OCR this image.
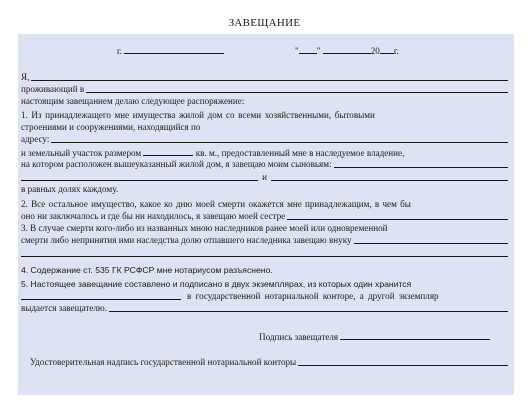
ЗАВЕЩАНИЕ
г.	" "	20 г.
Я,
проживающий в
настоящим завещанием делаю следующее распоряжение:
1. Из принадлежащего мне имущества жилой дом со всеми хозяйственными, бытовыми
строениями и сооружениями, находящийся по
адресу:
и земельный участок размером	кв. м., предоставленный мне в наследуемое владение,
на котором расположен вышеуказанный жилой дом, я завещаю моим сыновьям:
и
в равных долях каждому.
2. Все остальное имущество, какое ко дню моей смерти окажется мне принадлежащим, в чем бы
оно ни заключалось и где бы ни находилось, я завещаю моей сестре
3. В случае смерти кого-либо из названных мною наследников ранее моей или одновременной
смерти либо непринятия ими наследства долю отпавшего наследника завещаю внуку
4. Содержание ст. 535 ГК РСФСР мне нотариусом разъяснено.
5. Настоящее завещание составлено и подписано в двух экземплярах, из которых один хранится
в государственной нотариальной конторе, а другой экземпляр
выдается завещателю.
Подпись завещателя
Удостоверительная надпись государственной нотариальной конторы
